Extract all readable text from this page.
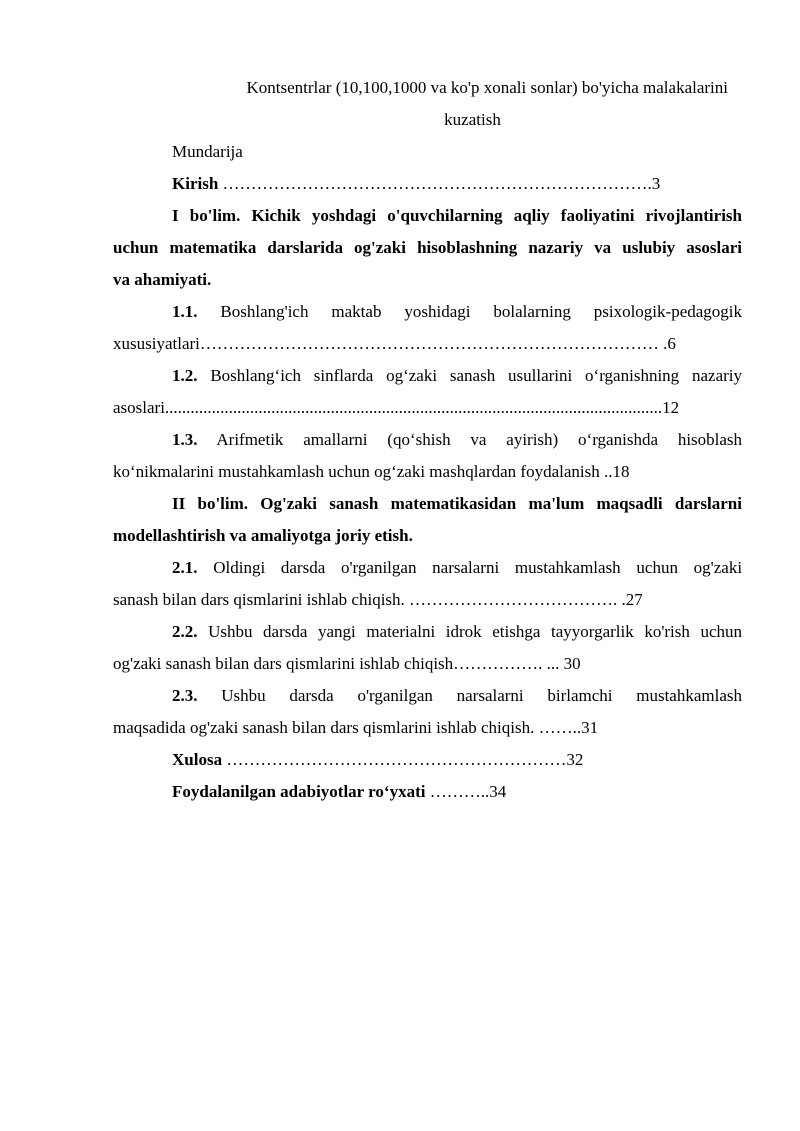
Kontsentrlar (10,100,1000 va ko'p xonali sonlar) bo'yicha malakalarini
kuzatish
Mundarija
Kirish ………………………………………………………………….3
I bo'lim. Kichik yoshdagi o'quvchilarning aqliy faoliyatini rivojlantirish
uchun matematika darslarida og'zaki hisoblashning nazariy va uslubiy asoslari
va ahamiyati.
1.1. Boshlang'ich maktab yoshidagi bolalarning psixologik-pedagogik
xususiyatlari……………………………………………………………………… .6
1.2. Boshlang‘ich sinflarda og‘zaki sanash usullarini o‘rganishning nazariy
asoslari.....................................................................................................................12
1.3. Arifmetik amallarni (qo‘shish va ayirish) o‘rganishda hisoblash
ko‘nikmalarini mustahkamlash uchun og‘zaki mashqlardan foydalanish ..18
II bo'lim. Og'zaki sanash matematikasidan ma'lum maqsadli darslarni
modellashtirish va amaliyotga joriy etish.
2.1. Oldingi darsda o'rganilgan narsalarni mustahkamlash uchun og'zaki
sanash bilan dars qismlarini ishlab chiqish. ………………………………. .27
2.2. Ushbu darsda yangi materialni idrok etishga tayyorgarlik ko'rish uchun
og'zaki sanash bilan dars qismlarini ishlab chiqish……………. ... 30
2.3. Ushbu darsda o'rganilgan narsalarni birlamchi mustahkamlash
maqsadida og'zaki sanash bilan dars qismlarini ishlab chiqish. ……..31
Xulosa ……………………………………………………32
Foydalanilgan adabiyotlar ro‘yxati ………..34
